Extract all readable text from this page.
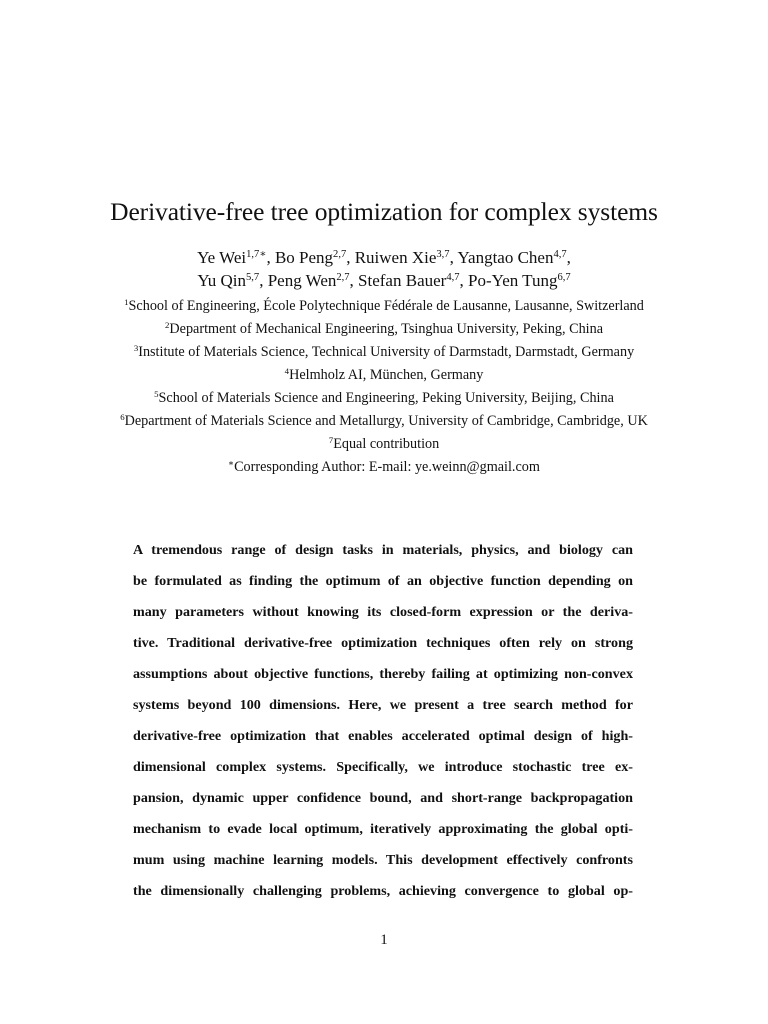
Derivative-free tree optimization for complex systems
Ye Wei$^{1,7∗}$, Bo Peng$^{2,7}$, Ruiwen Xie$^{3,7}$, Yangtao Chen$^{4,7}$,
Yu Qin$^{5,7}$, Peng Wen$^{2,7}$, Stefan Bauer$^{4,7}$, Po-Yen Tung$^{6,7}$
$^1$School of Engineering, École Polytechnique Fédérale de Lausanne, Lausanne, Switzerland
$^2$Department of Mechanical Engineering, Tsinghua University, Peking, China
$^3$Institute of Materials Science, Technical University of Darmstadt, Darmstadt, Germany
$^4$Helmholz AI, München, Germany
$^5$School of Materials Science and Engineering, Peking University, Beijing, China
$^6$Department of Materials Science and Metallurgy, University of Cambridge, Cambridge, UK
$^7$Equal contribution
∗Corresponding Author: E-mail: ye.weinn@gmail.com
A tremendous range of design tasks in materials, physics, and biology can
be formulated as finding the optimum of an objective function depending on
many parameters without knowing its closed-form expression or the deriva-
tive. Traditional derivative-free optimization techniques often rely on strong
assumptions about objective functions, thereby failing at optimizing non-convex
systems beyond 100 dimensions. Here, we present a tree search method for
derivative-free optimization that enables accelerated optimal design of high-
dimensional complex systems. Specifically, we introduce stochastic tree ex-
pansion, dynamic upper confidence bound, and short-range backpropagation
mechanism to evade local optimum, iteratively approximating the global opti-
mum using machine learning models. This development effectively confronts
the dimensionally challenging problems, achieving convergence to global op-
1
